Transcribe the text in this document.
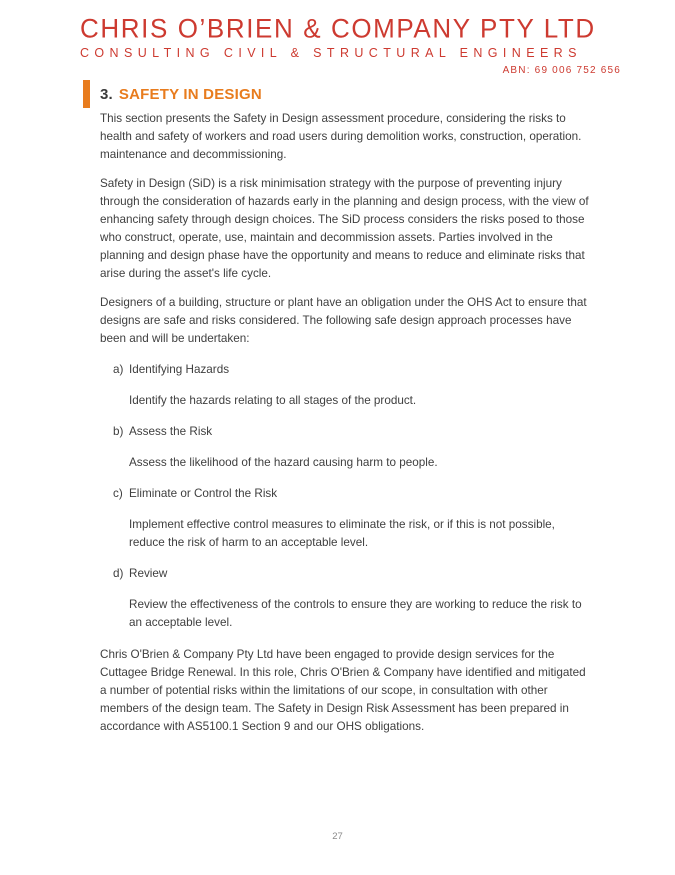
CHRIS O’BRIEN & COMPANY PTY LTD
CONSULTING CIVIL & STRUCTURAL ENGINEERS
ABN: 69 006 752 656
3. SAFETY IN DESIGN

This section presents the Safety in Design assessment procedure, considering the risks to health and safety of workers and road users during demolition works, construction, operation. maintenance and decommissioning.

Safety in Design (SiD) is a risk minimisation strategy with the purpose of preventing injury through the consideration of hazards early in the planning and design process, with the view of enhancing safety through design choices. The SiD process considers the risks posed to those who construct, operate, use, maintain and decommission assets. Parties involved in the planning and design phase have the opportunity and means to reduce and eliminate risks that arise during the asset's life cycle.

Designers of a building, structure or plant have an obligation under the OHS Act to ensure that designs are safe and risks considered. The following safe design approach processes have been and will be undertaken:

a) Identifying Hazards
Identify the hazards relating to all stages of the product.
b) Assess the Risk
Assess the likelihood of the hazard causing harm to people.
c) Eliminate or Control the Risk
Implement effective control measures to eliminate the risk, or if this is not possible, reduce the risk of harm to an acceptable level.
d) Review
Review the effectiveness of the controls to ensure they are working to reduce the risk to an acceptable level.

Chris O'Brien & Company Pty Ltd have been engaged to provide design services for the Cuttagee Bridge Renewal. In this role, Chris O'Brien & Company have identified and mitigated a number of potential risks within the limitations of our scope, in consultation with other members of the design team. The Safety in Design Risk Assessment has been prepared in accordance with AS5100.1 Section 9 and our OHS obligations.

27
